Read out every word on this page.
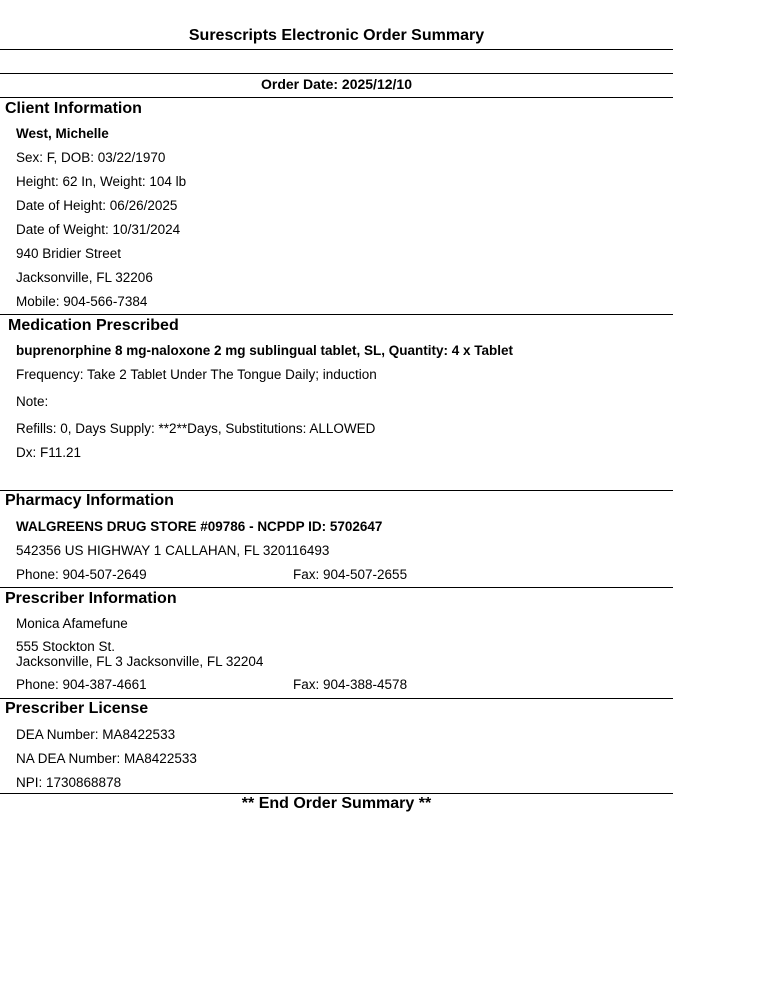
Surescripts Electronic Order Summary
Order Date: 2025/12/10
Client Information
West, Michelle
Sex: F, DOB: 03/22/1970
Height: 62 In, Weight: 104 lb
Date of Height: 06/26/2025
Date of Weight: 10/31/2024
940 Bridier Street
Jacksonville, FL 32206
Mobile: 904-566-7384
Medication Prescribed
buprenorphine 8 mg-naloxone 2 mg sublingual tablet, SL, Quantity: 4 x Tablet
Frequency: Take 2 Tablet Under The Tongue Daily; induction
Note:
Refills: 0, Days Supply: **2**Days, Substitutions: ALLOWED
Dx: F11.21
Pharmacy Information
WALGREENS DRUG STORE #09786 - NCPDP ID: 5702647
542356 US HIGHWAY 1 CALLAHAN, FL 320116493
Phone: 904-507-2649	Fax: 904-507-2655
Prescriber Information
Monica Afamefune
555 Stockton St.
Jacksonville, FL 3 Jacksonville, FL 32204
Phone: 904-387-4661	Fax: 904-388-4578
Prescriber License
DEA Number: MA8422533
NA DEA Number: MA8422533
NPI: 1730868878
** End Order Summary **
